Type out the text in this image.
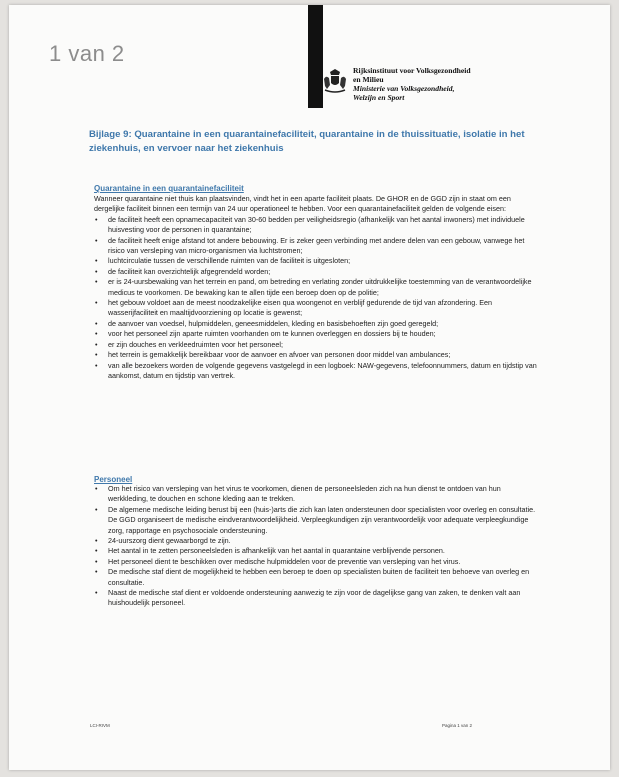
1 van 2
Rijksinstituut voor Volksgezondheid
en Milieu
Ministerie van Volksgezondheid,
Welzijn en Sport
Bijlage 9: Quarantaine in een quarantainefaciliteit, quarantaine in de thuissituatie, isolatie in het ziekenhuis, en vervoer naar het ziekenhuis
Quarantaine in een quarantainefaciliteit

Wanneer quarantaine niet thuis kan plaatsvinden, vindt het in een aparte faciliteit plaats. De GHOR en de GGD zijn in staat om een dergelijke faciliteit binnen een termijn van 24 uur operationeel te hebben. Voor een quarantainefaciliteit gelden de volgende eisen:

• de faciliteit heeft een opnamecapaciteit van 30-60 bedden per veiligheidsregio (afhankelijk van het aantal inwoners) met individuele huisvesting voor de personen in quarantaine;
• de faciliteit heeft enige afstand tot andere bebouwing. Er is zeker geen verbinding met andere delen van een gebouw, vanwege het risico van versleping van micro-organismen via luchtstromen;
• luchtcirculatie tussen de verschillende ruimten van de faciliteit is uitgesloten;
• de faciliteit kan overzichtelijk afgegrendeld worden;
• er is 24-uursbewaking van het terrein en pand, om betreding en verlating zonder uitdrukkelijke toestemming van de verantwoordelijke medicus te voorkomen. De bewaking kan te allen tijde een beroep doen op de politie;
• het gebouw voldoet aan de meest noodzakelijke eisen qua woongenot en verblijf gedurende de tijd van afzondering. Een wasserijfaciliteit en maaltijdvoorziening op locatie is gewenst;
• de aanvoer van voedsel, hulpmiddelen, geneesmiddelen, kleding en basisbehoeften zijn goed geregeld;
• voor het personeel zijn aparte ruimten voorhanden om te kunnen overleggen en dossiers bij te houden;
• er zijn douches en verkleedruimten voor het personeel;
• het terrein is gemakkelijk bereikbaar voor de aanvoer en afvoer van personen door middel van ambulances;
• van alle bezoekers worden de volgende gegevens vastgelegd in een logboek: NAW-gegevens, telefoonnummers, datum en tijdstip van aankomst, datum en tijdstip van vertrek.
Personeel
• Om het risico van versleping van het virus te voorkomen, dienen de personeelsleden zich na hun dienst te ontdoen van hun werkkleding, te douchen en schone kleding aan te trekken.
• De algemene medische leiding berust bij een (huis-)arts die zich kan laten ondersteunen door specialisten voor overleg en consultatie. De GGD organiseert de medische eindverantwoordelijkheid. Verpleegkundigen zijn verantwoordelijk voor adequate verpleegkundige zorg, rapportage en psychosociale ondersteuning.
• 24-uurszorg dient gewaarborgd te zijn.
• Het aantal in te zetten personeelsleden is afhankelijk van het aantal in quarantaine verblijvende personen.
• Het personeel dient te beschikken over medische hulpmiddelen voor de preventie van versleping van het virus.
• De medische staf dient de mogelijkheid te hebben een beroep te doen op specialisten buiten de faciliteit ten behoeve van overleg en consultatie.
• Naast de medische staf dient er voldoende ondersteuning aanwezig te zijn voor de dagelijkse gang van zaken, te denken valt aan huishoudelijk personeel.
LCI-RIVM	Pagina 1 van 2
